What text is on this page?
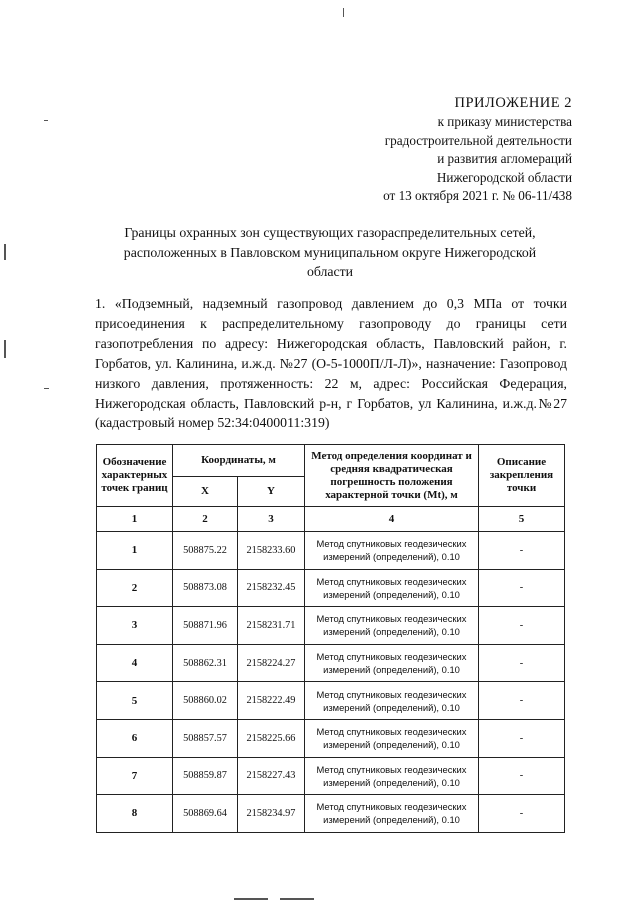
ПРИЛОЖЕНИЕ 2
к приказу министерства
градостроительной деятельности
и развития агломераций
Нижегородской области
от 13 октября 2021 г. № 06-11/438
Границы охранных зон существующих газораспределительных сетей, расположенных в Павловском муниципальном округе Нижегородской области
1. «Подземный, надземный газопровод давлением до 0,3 МПа от точки присоединения к распределительному газопроводу до границы сети газопотребления по адресу: Нижегородская область, Павловский район, г. Горбатов, ул. Калинина, и.ж.д. №27 (О-5-1000П/Л-Л)», назначение: Газопровод низкого давления, протяженность: 22 м, адрес: Российская Федерация, Нижегородская область, Павловский р-н, г Горбатов, ул Калинина, и.ж.д.№27 (кадастровый номер 52:34:0400011:319)
Обозначение характерных точек границ	Координаты, м		Метод определения координат и средняя квадратическая погрешность положения характерной точки (Mt), м	Описание закрепления точки
	X	Y		
1	2	3	4	5
1	508875.22	2158233.60	Метод спутниковых геодезических измерений (определений), 0.10	-
2	508873.08	2158232.45	Метод спутниковых геодезических измерений (определений), 0.10	-
3	508871.96	2158231.71	Метод спутниковых геодезических измерений (определений), 0.10	-
4	508862.31	2158224.27	Метод спутниковых геодезических измерений (определений), 0.10	-
5	508860.02	2158222.49	Метод спутниковых геодезических измерений (определений), 0.10	-
6	508857.57	2158225.66	Метод спутниковых геодезических измерений (определений), 0.10	-
7	508859.87	2158227.43	Метод спутниковых геодезических измерений (определений), 0.10	-
8	508869.64	2158234.97	Метод спутниковых геодезических измерений (определений), 0.10	-
